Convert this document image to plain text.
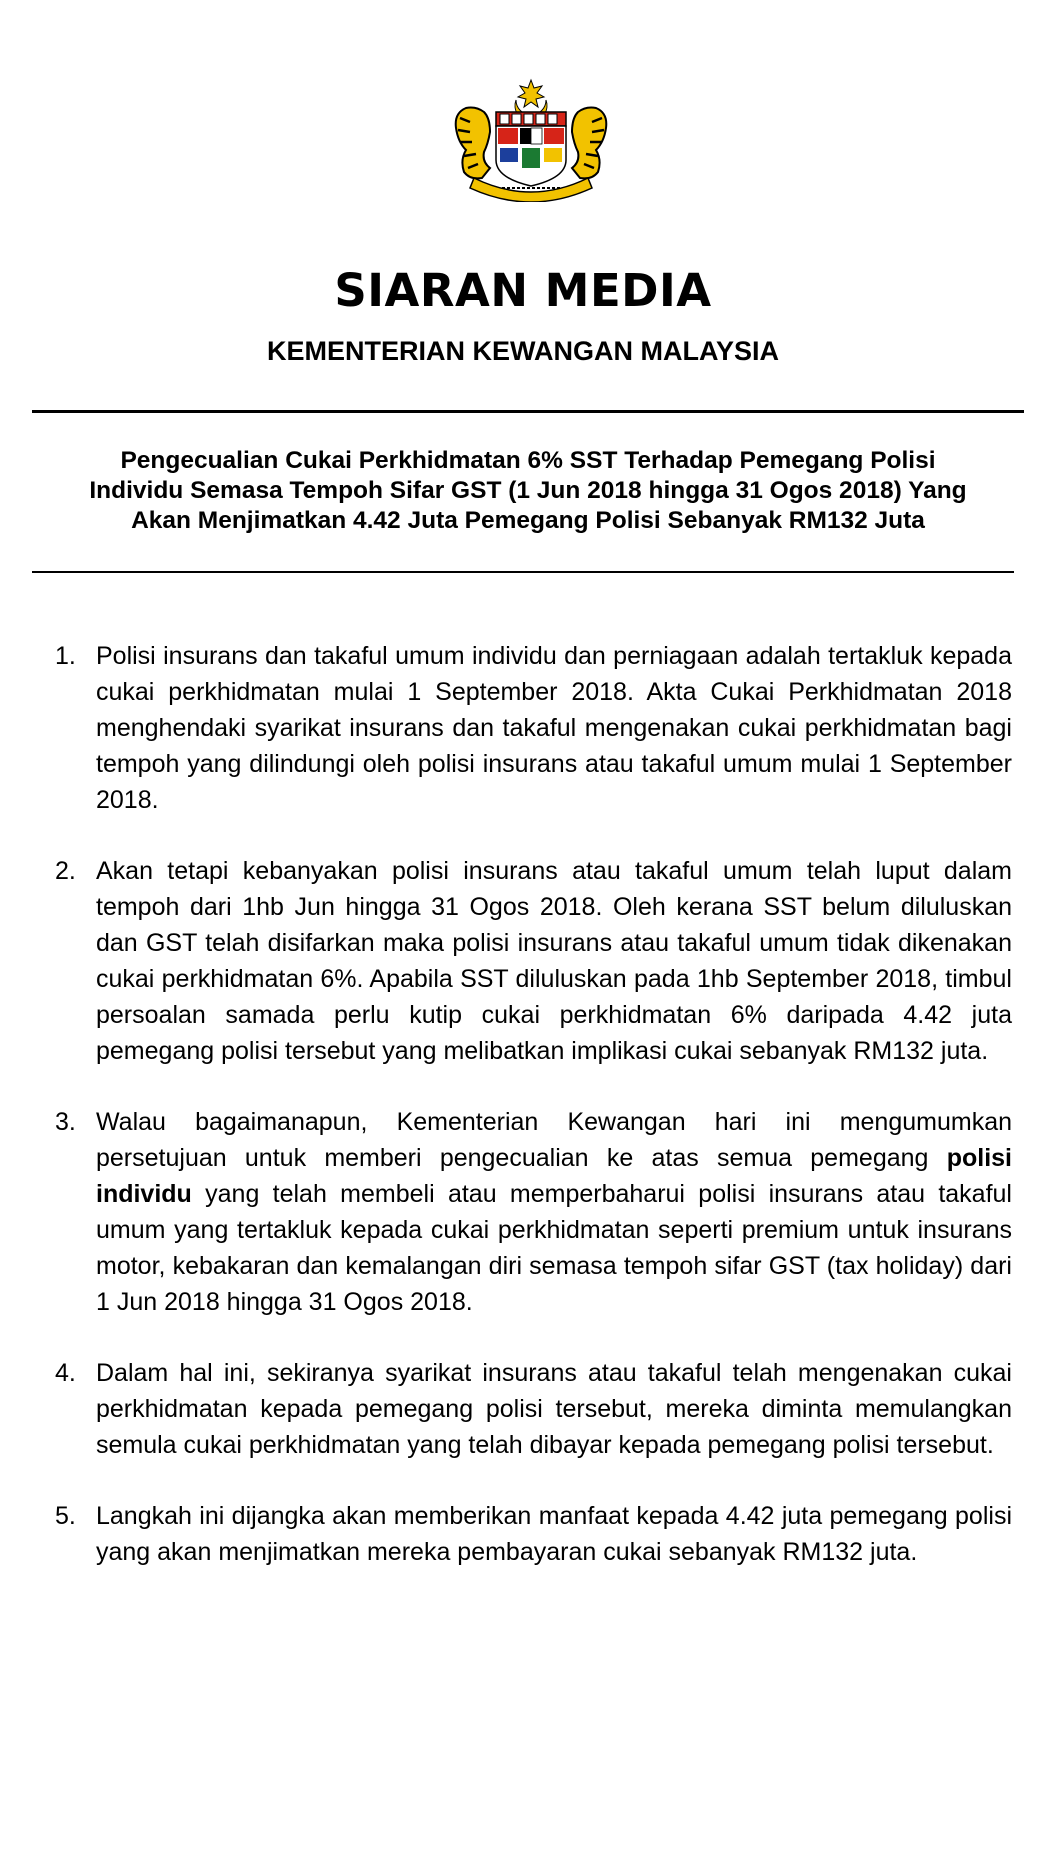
SIARAN MEDIA
KEMENTERIAN KEWANGAN MALAYSIA
Pengecualian Cukai Perkhidmatan 6% SST Terhadap Pemegang Polisi
Individu Semasa Tempoh Sifar GST (1 Jun 2018 hingga 31 Ogos 2018) Yang
Akan Menjimatkan 4.42 Juta Pemegang Polisi Sebanyak RM132 Juta
1. Polisi insurans dan takaful umum individu dan perniagaan adalah tertakluk kepada cukai perkhidmatan mulai 1 September 2018. Akta Cukai Perkhidmatan 2018 menghendaki syarikat insurans dan takaful mengenakan cukai perkhidmatan bagi tempoh yang dilindungi oleh polisi insurans atau takaful umum mulai 1 September 2018.
2. Akan tetapi kebanyakan polisi insurans atau takaful umum telah luput dalam tempoh dari 1hb Jun hingga 31 Ogos 2018. Oleh kerana SST belum diluluskan dan GST telah disifarkan maka polisi insurans atau takaful umum tidak dikenakan cukai perkhidmatan 6%. Apabila SST diluluskan pada 1hb September 2018, timbul persoalan samada perlu kutip cukai perkhidmatan 6% daripada 4.42 juta pemegang polisi tersebut yang melibatkan implikasi cukai sebanyak RM132 juta.
3. Walau bagaimanapun, Kementerian Kewangan hari ini mengumumkan persetujuan untuk memberi pengecualian ke atas semua pemegang polisi individu yang telah membeli atau memperbaharui polisi insurans atau takaful umum yang tertakluk kepada cukai perkhidmatan seperti premium untuk insurans motor, kebakaran dan kemalangan diri semasa tempoh sifar GST (tax holiday) dari 1 Jun 2018 hingga 31 Ogos 2018.
4. Dalam hal ini, sekiranya syarikat insurans atau takaful telah mengenakan cukai perkhidmatan kepada pemegang polisi tersebut, mereka diminta memulangkan semula cukai perkhidmatan yang telah dibayar kepada pemegang polisi tersebut.
5. Langkah ini dijangka akan memberikan manfaat kepada 4.42 juta pemegang polisi yang akan menjimatkan mereka pembayaran cukai sebanyak RM132 juta.
